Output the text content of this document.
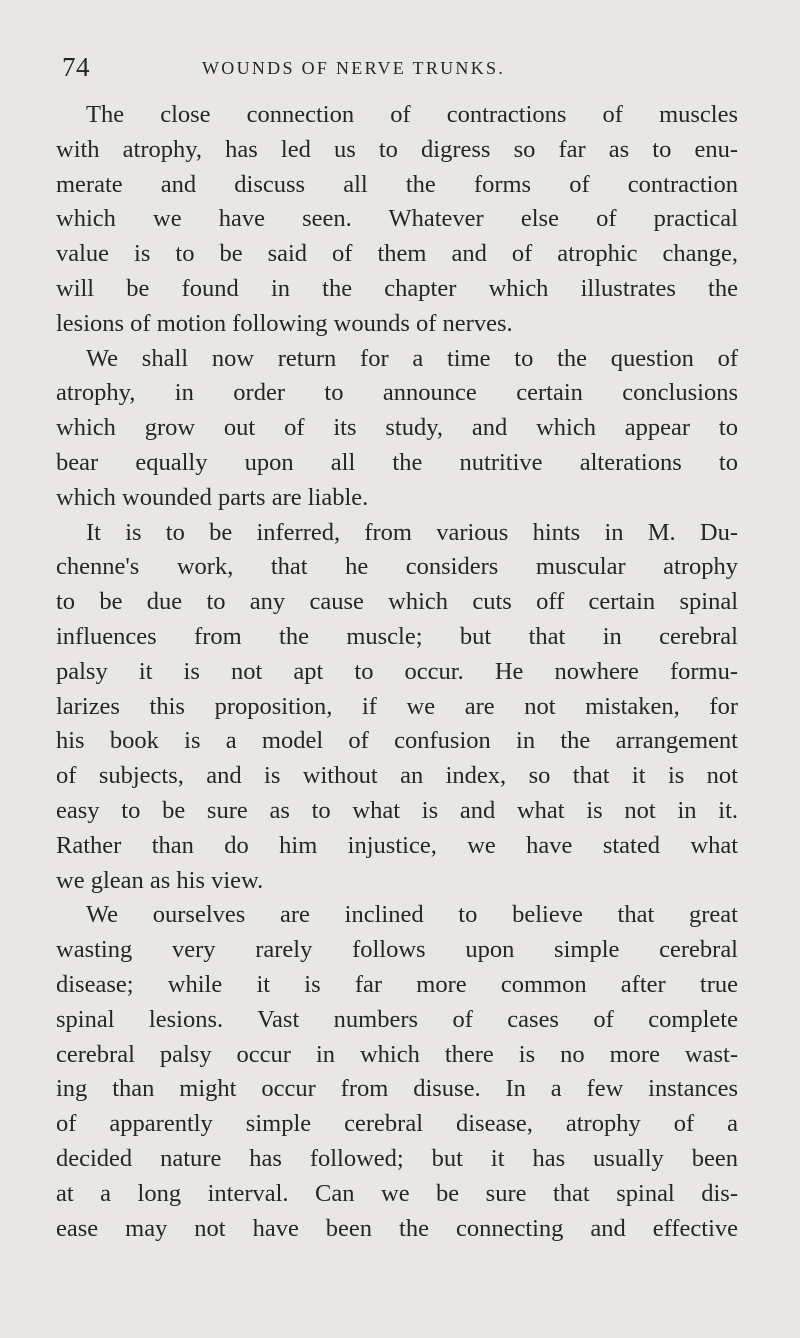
74	WOUNDS OF NERVE TRUNKS.
The close connection of contractions of muscles
with atrophy, has led us to digress so far as to enu-
merate and discuss all the forms of contraction
which we have seen. Whatever else of practical
value is to be said of them and of atrophic change,
will be found in the chapter which illustrates the
lesions of motion following wounds of nerves.
We shall now return for a time to the question of
atrophy, in order to announce certain conclusions
which grow out of its study, and which appear to
bear equally upon all the nutritive alterations to
which wounded parts are liable.
It is to be inferred, from various hints in M. Du-
chenne's work, that he considers muscular atrophy
to be due to any cause which cuts off certain spinal
influences from the muscle; but that in cerebral
palsy it is not apt to occur. He nowhere formu-
larizes this proposition, if we are not mistaken, for
his book is a model of confusion in the arrangement
of subjects, and is without an index, so that it is not
easy to be sure as to what is and what is not in it.
Rather than do him injustice, we have stated what
we glean as his view.
We ourselves are inclined to believe that great
wasting very rarely follows upon simple cerebral
disease; while it is far more common after true
spinal lesions. Vast numbers of cases of complete
cerebral palsy occur in which there is no more wast-
ing than might occur from disuse. In a few instances
of apparently simple cerebral disease, atrophy of a
decided nature has followed; but it has usually been
at a long interval. Can we be sure that spinal dis-
ease may not have been the connecting and effective
